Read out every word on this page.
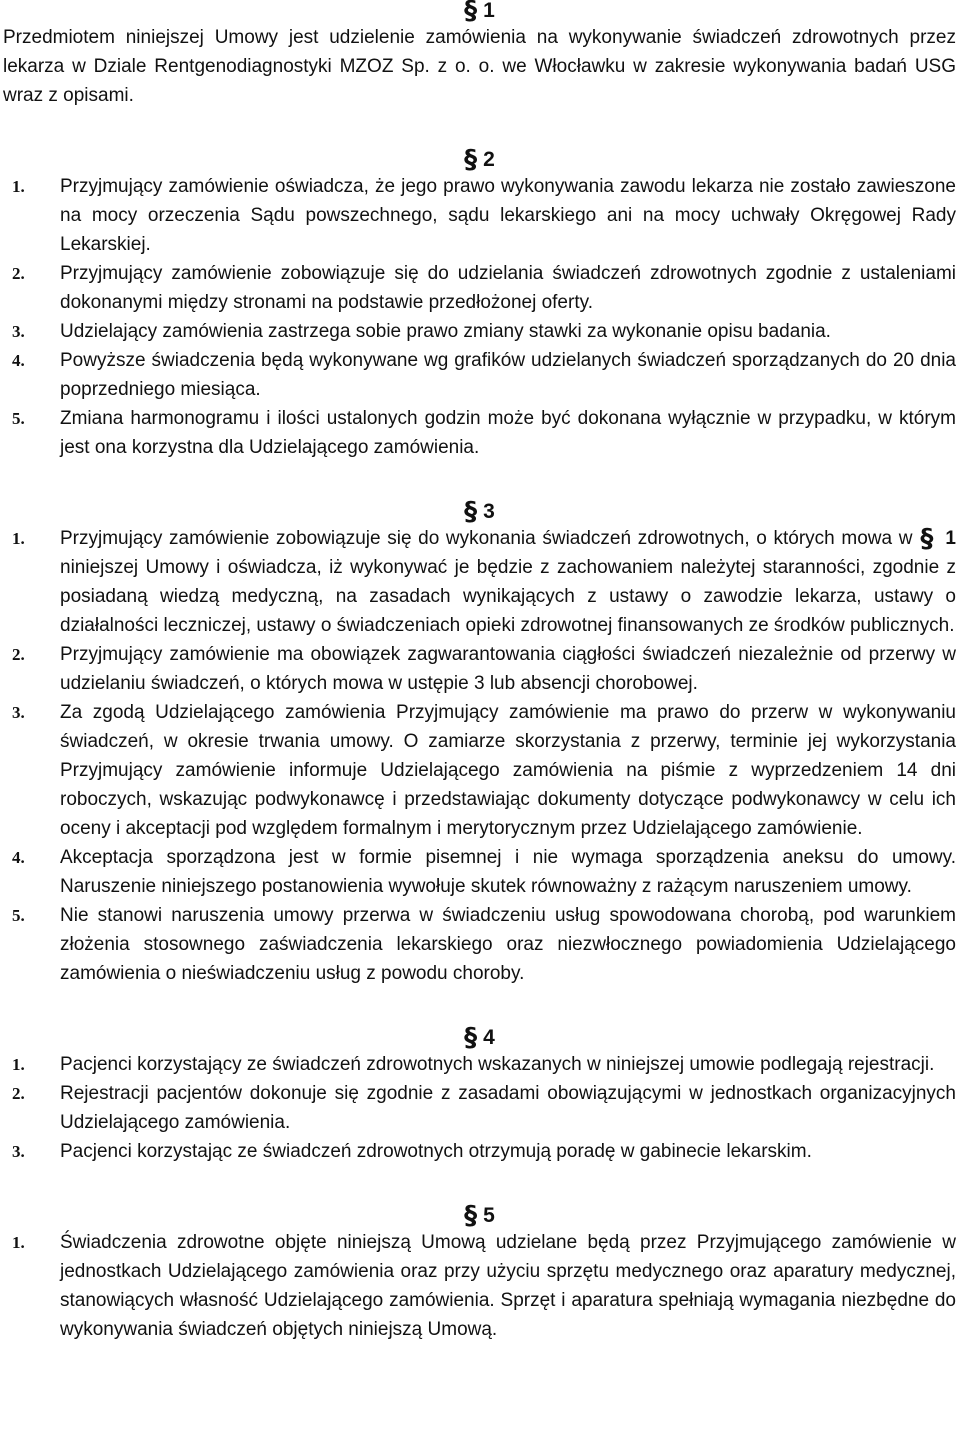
§ 1

Przedmiotem niniejszej Umowy jest udzielenie zamówienia na wykonywanie świadczeń zdrowotnych przez lekarza w Dziale Rentgenodiagnostyki MZOZ Sp. z o. o. we Włocławku w zakresie wykonywania badań USG wraz z opisami.

§ 2
1. Przyjmujący zamówienie oświadcza, że jego prawo wykonywania zawodu lekarza nie zostało zawieszone na mocy orzeczenia Sądu powszechnego, sądu lekarskiego ani na mocy uchwały Okręgowej Rady Lekarskiej.
2. Przyjmujący zamówienie zobowiązuje się do udzielania świadczeń zdrowotnych zgodnie z ustaleniami dokonanymi między stronami na podstawie przedłożonej oferty.
3. Udzielający zamówienia zastrzega sobie prawo zmiany stawki za wykonanie opisu badania.
4. Powyższe świadczenia będą wykonywane wg grafików udzielanych świadczeń sporządzanych do 20 dnia poprzedniego miesiąca.
5. Zmiana harmonogramu i ilości ustalonych godzin może być dokonana wyłącznie w przypadku, w którym jest ona korzystna dla Udzielającego zamówienia.
§ 3
1. Przyjmujący zamówienie zobowiązuje się do wykonania świadczeń zdrowotnych, o których mowa w § 1 niniejszej Umowy i oświadcza, iż wykonywać je będzie z zachowaniem należytej staranności, zgodnie z posiadaną wiedzą medyczną, na zasadach wynikających z ustawy o zawodzie lekarza, ustawy o działalności leczniczej, ustawy o świadczeniach opieki zdrowotnej finansowanych ze środków publicznych.
2. Przyjmujący zamówienie ma obowiązek zagwarantowania ciągłości świadczeń niezależnie od przerwy w udzielaniu świadczeń, o których mowa w ustępie 3 lub absencji chorobowej.
3. Za zgodą Udzielającego zamówienia Przyjmujący zamówienie ma prawo do przerw w wykonywaniu świadczeń, w okresie trwania umowy. O zamiarze skorzystania z przerwy, terminie jej wykorzystania Przyjmujący zamówienie informuje Udzielającego zamówienia na piśmie z wyprzedzeniem 14 dni roboczych, wskazując podwykonawcę i przedstawiając dokumenty dotyczące podwykonawcy w celu ich oceny i akceptacji pod względem formalnym i merytorycznym przez Udzielającego zamówienie.
4. Akceptacja sporządzona jest w formie pisemnej i nie wymaga sporządzenia aneksu do umowy. Naruszenie niniejszego postanowienia wywołuje skutek równoważny z rażącym naruszeniem umowy.
5. Nie stanowi naruszenia umowy przerwa w świadczeniu usług spowodowana chorobą, pod warunkiem złożenia stosownego zaświadczenia lekarskiego oraz niezwłocznego powiadomienia Udzielającego zamówienia o nieświadczeniu usług z powodu choroby.
§ 4
1. Pacjenci korzystający ze świadczeń zdrowotnych wskazanych w niniejszej umowie podlegają rejestracji.
2. Rejestracji pacjentów dokonuje się zgodnie z zasadami obowiązującymi w jednostkach organizacyjnych Udzielającego zamówienia.
3. Pacjenci korzystając ze świadczeń zdrowotnych otrzymują poradę w gabinecie lekarskim.
§ 5
1. Świadczenia zdrowotne objęte niniejszą Umową udzielane będą przez Przyjmującego zamówienie w jednostkach Udzielającego zamówienia oraz przy użyciu sprzętu medycznego oraz aparatury medycznej, stanowiących własność Udzielającego zamówienia. Sprzęt i aparatura spełniają wymagania niezbędne do wykonywania świadczeń objętych niniejszą Umową.
